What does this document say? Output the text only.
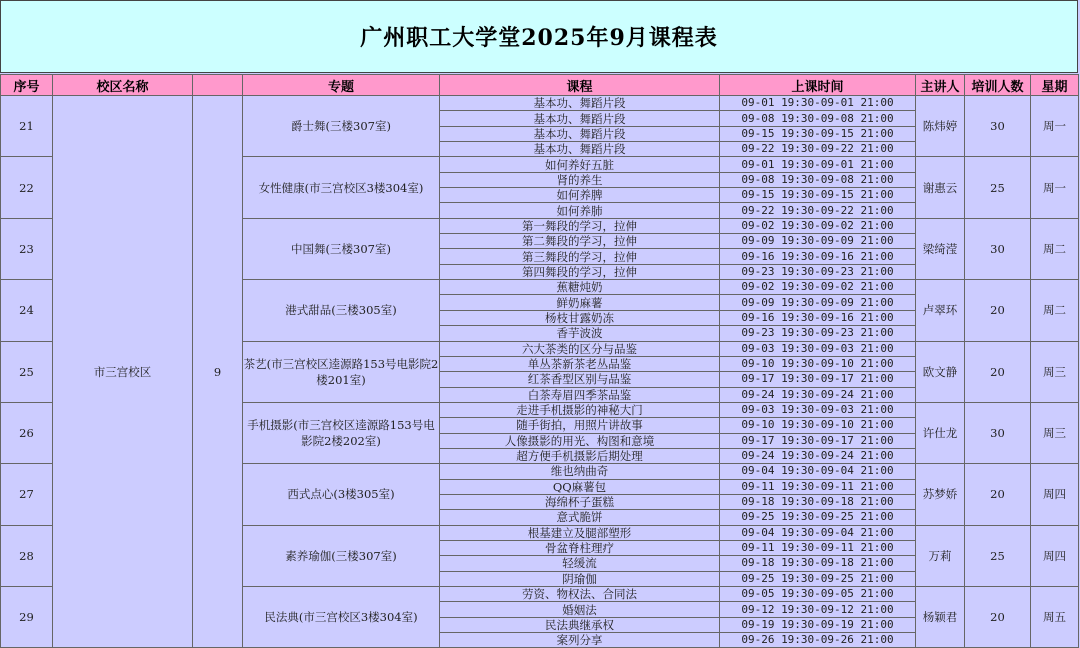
广州职工大学堂2025年9月课程表
序号	校区名称		专题	课程	上课时间	主讲人	培训人数	星期
21	市三宫校区	9	爵士舞(三楼307室)	基本功、舞蹈片段	09-01 19:30-09-01 21:00	陈炜婷	30	周一
				基本功、舞蹈片段	09-08 19:30-09-08 21:00			
				基本功、舞蹈片段	09-15 19:30-09-15 21:00			
				基本功、舞蹈片段	09-22 19:30-09-22 21:00			
22			女性健康(市三宫校区3楼304室)	如何养好五脏	09-01 19:30-09-01 21:00	谢惠云	25	周一
				肾的养生	09-08 19:30-09-08 21:00			
				如何养脾	09-15 19:30-09-15 21:00			
				如何养肺	09-22 19:30-09-22 21:00			
23			中国舞(三楼307室)	第一舞段的学习，拉伸	09-02 19:30-09-02 21:00	梁绮滢	30	周二
				第二舞段的学习，拉伸	09-09 19:30-09-09 21:00			
				第三舞段的学习，拉伸	09-16 19:30-09-16 21:00			
				第四舞段的学习，拉伸	09-23 19:30-09-23 21:00			
24			港式甜品(三楼305室)	蕉糖炖奶	09-02 19:30-09-02 21:00	卢翠环	20	周二
				鲜奶麻薯	09-09 19:30-09-09 21:00			
				杨枝甘露奶冻	09-16 19:30-09-16 21:00			
				香芋波波	09-23 19:30-09-23 21:00			
25			茶艺(市三宫校区逵源路153号电影院2楼201室)	六大茶类的区分与品鉴	09-03 19:30-09-03 21:00	欧文静	20	周三
				单丛茶新茶老丛品鉴	09-10 19:30-09-10 21:00			
				红茶香型区别与品鉴	09-17 19:30-09-17 21:00			
				白茶寿眉四季茶品鉴	09-24 19:30-09-24 21:00			
26			手机摄影(市三宫校区逵源路153号电影院2楼202室)	走进手机摄影的神秘大门	09-03 19:30-09-03 21:00	许仕龙	30	周三
				随手街拍，用照片讲故事	09-10 19:30-09-10 21:00			
				人像摄影的用光、构图和意境	09-17 19:30-09-17 21:00			
				超方便手机摄影后期处理	09-24 19:30-09-24 21:00			
27			西式点心(3楼305室)	维也纳曲奇	09-04 19:30-09-04 21:00	苏梦娇	20	周四
				QQ麻薯包	09-11 19:30-09-11 21:00			
				海绵杯子蛋糕	09-18 19:30-09-18 21:00			
				意式脆饼	09-25 19:30-09-25 21:00			
28			素养瑜伽(三楼307室)	根基建立及腿部塑形	09-04 19:30-09-04 21:00	万莉	25	周四
				骨盆脊柱理疗	09-11 19:30-09-11 21:00			
				轻缓流	09-18 19:30-09-18 21:00			
				阴瑜伽	09-25 19:30-09-25 21:00			
29			民法典(市三宫校区3楼304室)	劳资、物权法、合同法	09-05 19:30-09-05 21:00	杨颖君	20	周五
				婚姻法	09-12 19:30-09-12 21:00			
				民法典继承权	09-19 19:30-09-19 21:00			
				案列分享	09-26 19:30-09-26 21:00			
